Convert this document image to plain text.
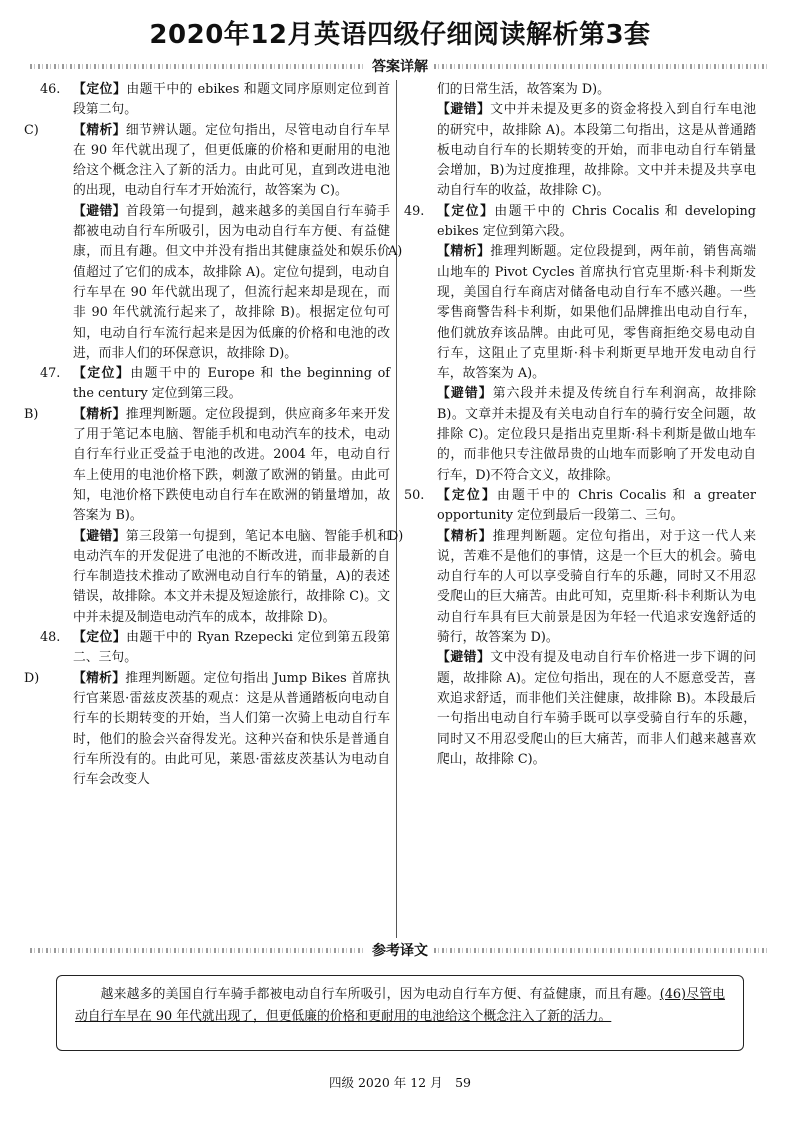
2020年12月英语四级仔细阅读解析第3套
答案详解
46. 【定位】由题干中的 ebikes 和题文同序原则定位到首段第二句。
C)	【精析】细节辨认题。定位句指出，尽管电动自行车早在 90 年代就出现了，但更低廉的价格和更耐用的电池给这个概念注入了新的活力。由此可见，直到改进电池的出现，电动自行车才开始流行，故答案为 C)。
【避错】首段第一句提到，越来越多的美国自行车骑手都被电动自行车所吸引，因为电动自行车方便、有益健康，而且有趣。但文中并没有指出其健康益处和娱乐价值超过了它们的成本，故排除 A)。定位句提到，电动自行车早在 90 年代就出现了，但流行起来却是现在，而非 90 年代就流行起来了，故排除 B)。根据定位句可知，电动自行车流行起来是因为低廉的价格和电池的改进，而非人们的环保意识，故排除 D)。
47. 【定位】由题干中的 Europe 和 the beginning of the century 定位到第三段。
B)	【精析】推理判断题。定位段提到，供应商多年来开发了用于笔记本电脑、智能手机和电动汽车的技术，电动自行车行业正受益于电池的改进。2004 年，电动自行车上使用的电池价格下跌，刺激了欧洲的销量。由此可知，电池价格下跌使电动自行车在欧洲的销量增加，故答案为 B)。
【避错】第三段第一句提到，笔记本电脑、智能手机和电动汽车的开发促进了电池的不断改进，而非最新的自行车制造技术推动了欧洲电动自行车的销量，A)的表述错误，故排除。本文并未提及短途旅行，故排除 C)。文中并未提及制造电动汽车的成本，故排除 D)。
48. 【定位】由题干中的 Ryan Rzepecki 定位到第五段第二、三句。
D)	【精析】推理判断题。定位句指出 Jump Bikes 首席执行官莱恩·雷兹皮茨基的观点：这是从普通踏板向电动自行车的长期转变的开始，当人们第一次骑上电动自行车时，他们的脸会兴奋得发光。这种兴奋和快乐是普通自行车所没有的。由此可见，莱恩·雷兹皮茨基认为电动自行车会改变人
们的日常生活，故答案为 D)。
【避错】文中并未提及更多的资金将投入到自行车电池的研究中，故排除 A)。本段第二句指出，这是从普通踏板电动自行车的长期转变的开始，而非电动自行车销量会增加，B)为过度推理，故排除。文中并未提及共享电动自行车的收益，故排除 C)。
49. 【定位】由题干中的 Chris Cocalis 和 developing ebikes 定位到第六段。
A)	【精析】推理判断题。定位段提到，两年前，销售高端山地车的 Pivot Cycles 首席执行官克里斯·科卡利斯发现，美国自行车商店对储备电动自行车不感兴趣。一些零售商警告科卡利斯，如果他们品牌推出电动自行车，他们就放弃该品牌。由此可见，零售商拒绝交易电动自行车，这阻止了克里斯·科卡利斯更早地开发电动自行车，故答案为 A)。
【避错】第六段并未提及传统自行车利润高，故排除 B)。文章并未提及有关电动自行车的骑行安全问题，故排除 C)。定位段只是指出克里斯·科卡利斯是做山地车的，而非他只专注做昂贵的山地车而影响了开发电动自行车，D)不符合文义，故排除。
50. 【定位】由题干中的 Chris Cocalis 和 a greater opportunity 定位到最后一段第二、三句。
D)	【精析】推理判断题。定位句指出，对于这一代人来说，苦难不是他们的事情，这是一个巨大的机会。骑电动自行车的人可以享受骑自行车的乐趣，同时又不用忍受爬山的巨大痛苦。由此可知，克里斯·科卡利斯认为电动自行车具有巨大前景是因为年轻一代追求安逸舒适的骑行，故答案为 D)。
【避错】文中没有提及电动自行车价格进一步下调的问题，故排除 A)。定位句指出，现在的人不愿意受苦，喜欢追求舒适，而非他们关注健康，故排除 B)。本段最后一句指出电动自行车骑手既可以享受骑自行车的乐趣，同时又不用忍受爬山的巨大痛苦，而非人们越来越喜欢爬山，故排除 C)。
参考译文
越来越多的美国自行车骑手都被电动自行车所吸引，因为电动自行车方便、有益健康，而且有趣。(46)尽管电动自行车早在 90 年代就出现了，但更低廉的价格和更耐用的电池给这个概念注入了新的活力。
四级 2020 年 12 月　59
